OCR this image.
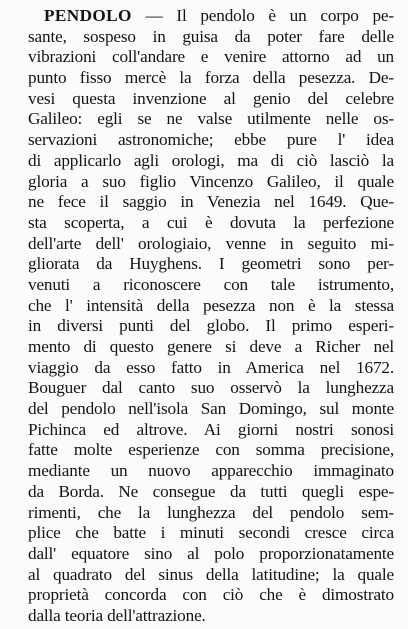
PENDOLO — Il pendolo è un corpo pe-
sante, sospeso in guisa da poter fare delle
vibrazioni coll'andare e venire attorno ad un
punto fisso mercè la forza della pesezza. De-
vesi questa invenzione al genio del celebre
Galileo: egli se ne valse utilmente nelle os-
servazioni astronomiche; ebbe pure l' idea
di applicarlo agli orologi, ma di ciò lasciò la
gloria a suo figlio Vincenzo Galileo, il quale
ne fece il saggio in Venezia nel 1649. Que-
sta scoperta, a cui è dovuta la perfezione
dell'arte dell' orologiaio, venne in seguito mi-
gliorata da Huyghens. I geometri sono per-
venuti a riconoscere con tale istrumento,
che l' intensità della pesezza non è la stessa
in diversi punti del globo. Il primo esperi-
mento di questo genere si deve a Richer nel
viaggio da esso fatto in America nel 1672.
Bouguer dal canto suo osservò la lunghezza
del pendolo nell'isola San Domingo, sul monte
Pichinca ed altrove. Ai giorni nostri sonosi
fatte molte esperienze con somma precisione,
mediante un nuovo apparecchio immaginato
da Borda. Ne consegue da tutti quegli espe-
rimenti, che la lunghezza del pendolo sem-
plice che batte i minuti secondi cresce circa
dall' equatore sino al polo proporzionatamente
al quadrato del sinus della latitudine; la quale
proprietà concorda con ciò che è dimostrato
dalla teoria dell'attrazione.
